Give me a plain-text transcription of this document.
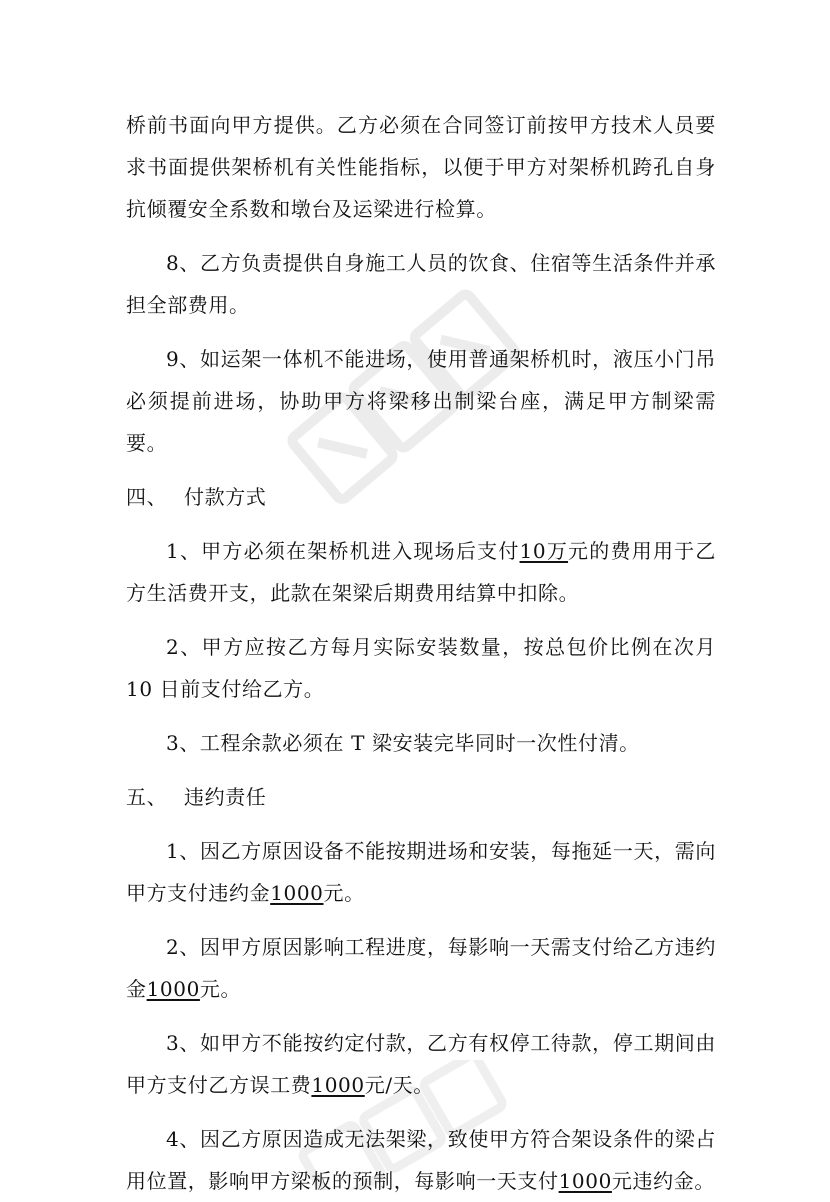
桥前书面向甲方提供。乙方必须在合同签订前按甲方技术人员要求书面提供架桥机有关性能指标，以便于甲方对架桥机跨孔自身抗倾覆安全系数和墩台及运梁进行检算。

8、乙方负责提供自身施工人员的饮食、住宿等生活条件并承担全部费用。

9、如运架一体机不能进场，使用普通架桥机时，液压小门吊必须提前进场，协助甲方将梁移出制梁台座，满足甲方制梁需要。

四、 付款方式

1、甲方必须在架桥机进入现场后支付10万元的费用用于乙方生活费开支，此款在架梁后期费用结算中扣除。

2、甲方应按乙方每月实际安装数量，按总包价比例在次月 10 日前支付给乙方。

3、工程余款必须在 T 梁安装完毕同时一次性付清。

五、 违约责任

1、因乙方原因设备不能按期进场和安装，每拖延一天，需向甲方支付违约金1000元。

2、因甲方原因影响工程进度，每影响一天需支付给乙方违约金1000元。

3、如甲方不能按约定付款，乙方有权停工待款，停工期间由甲方支付乙方误工费1000元/天。

4、因乙方原因造成无法架梁，致使甲方符合架设条件的梁占用位置，影响甲方梁板的预制，每影响一天支付1000元违约金。
